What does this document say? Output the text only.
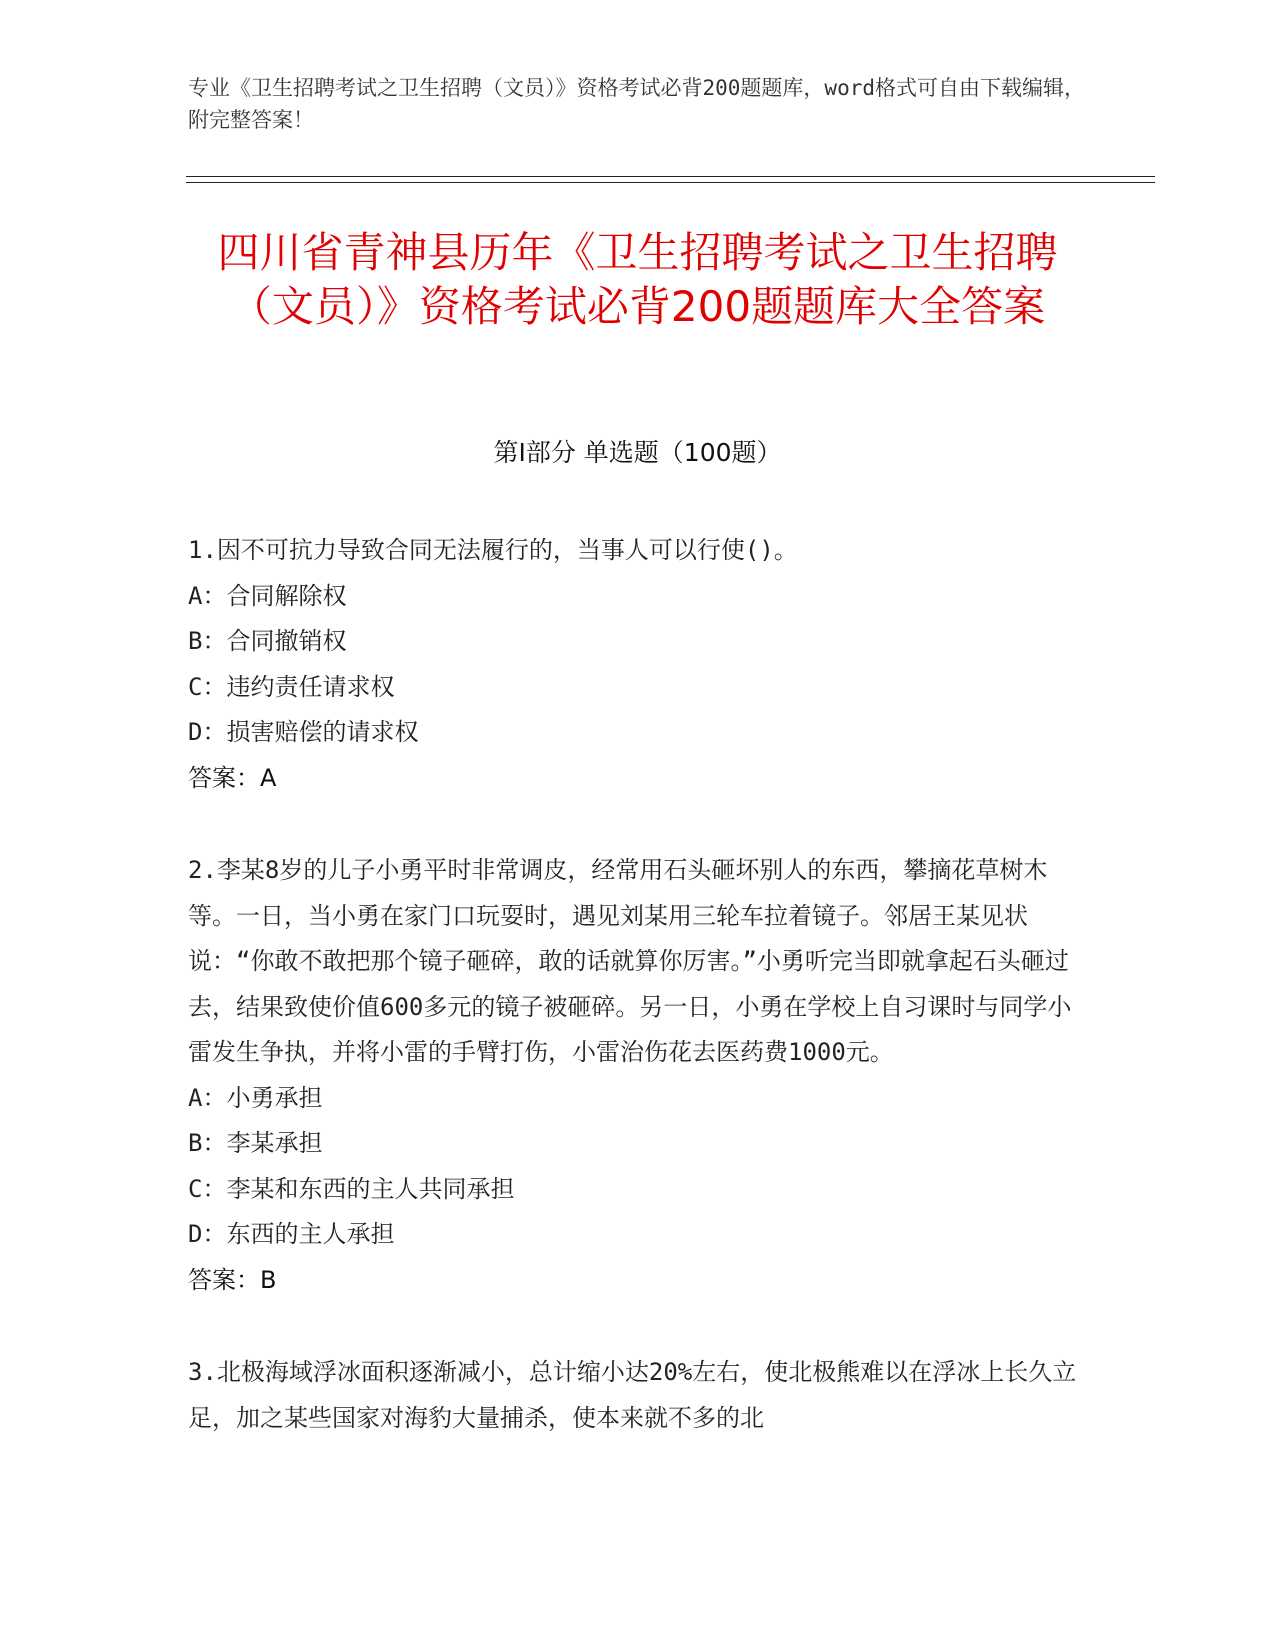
专业《卫生招聘考试之卫生招聘（文员）》资格考试必背200题题库，word格式可自由下载编辑，附完整答案！

四川省青神县历年《卫生招聘考试之卫生招聘（文员）》资格考试必背200题题库大全答案
第I部分 单选题（100题）

1.因不可抗力导致合同无法履行的，当事人可以行使()。

A：合同解除权

B：合同撤销权

C：违约责任请求权

D：损害赔偿的请求权

答案：A

2.李某8岁的儿子小勇平时非常调皮，经常用石头砸坏别人的东西，攀摘花草树木等。一日，当小勇在家门口玩耍时，遇见刘某用三轮车拉着镜子。邻居王某见状说：“你敢不敢把那个镜子砸碎，敢的话就算你厉害。”小勇听完当即就拿起石头砸过去，结果致使价值600多元的镜子被砸碎。另一日，小勇在学校上自习课时与同学小雷发生争执，并将小雷的手臂打伤，小雷治伤花去医药费1000元。

A：小勇承担

B：李某承担

C：李某和东西的主人共同承担

D：东西的主人承担

答案：B

3.北极海域浮冰面积逐渐减小，总计缩小达20%左右，使北极熊难以在浮冰上长久立足，加之某些国家对海豹大量捕杀，使本来就不多的北
